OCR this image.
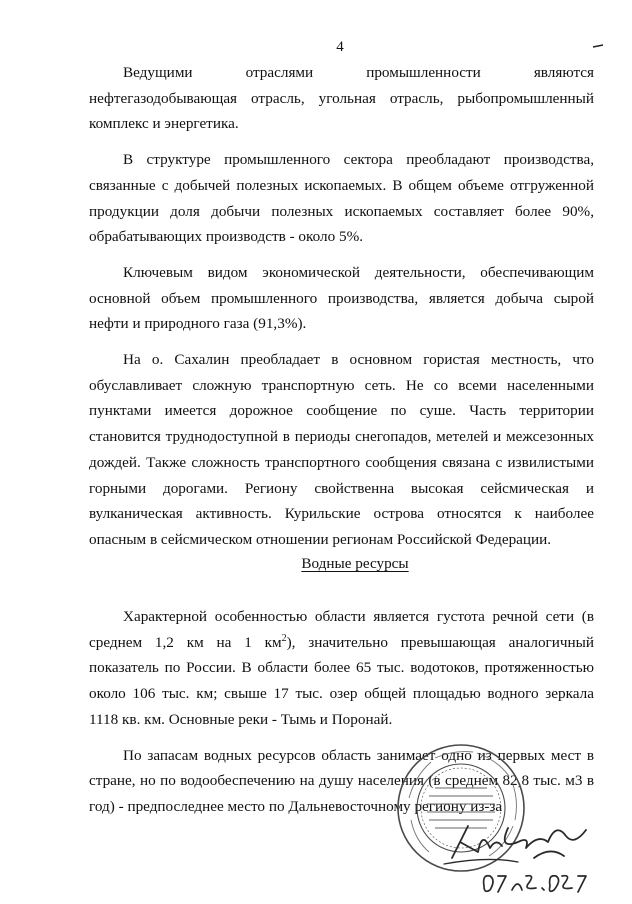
4

Ведущими	отраслями	промышленности	являются

нефтегазодобывающая отрасль, угольная отрасль, рыбопромышленный комплекс и энергетика.

В структуре промышленного сектора преобладают производства, связанные с добычей полезных ископаемых. В общем объеме отгруженной продукции доля добычи полезных ископаемых составляет более 90%, обрабатывающих производств - около 5%.

Ключевым видом экономической деятельности, обеспечивающим основной объем промышленного производства, является добыча сырой нефти и природного газа (91,3%).

На о. Сахалин преобладает в основном гористая местность, что обуславливает сложную транспортную сеть. Не со всеми населенными пунктами имеется дорожное сообщение по суше. Часть территории становится труднодоступной в периоды снегопадов, метелей и межсезонных дождей. Также сложность транспортного сообщения связана с извилистыми горными дорогами. Региону свойственна высокая сейсмическая и вулканическая активность. Курильские острова относятся к наиболее опасным в сейсмическом отношении регионам Российской Федерации.

Водные ресурсы

Характерной особенностью области является густота речной сети (в среднем 1,2 км на 1 $км^2$), значительно превышающая аналогичный показатель по России. В области более 65 тыс. водотоков, протяженностью около 106 тыс. км; свыше 17 тыс. озер общей площадью водного зеркала 1118 кв. км. Основные реки - Тымь и Поронай.

По запасам водных ресурсов область занимает одно из первых мест в стране, но по водообеспечению на душу населения (в среднем 82,8 тыс. м3 в год) - предпоследнее место по Дальневосточному региону из-за
